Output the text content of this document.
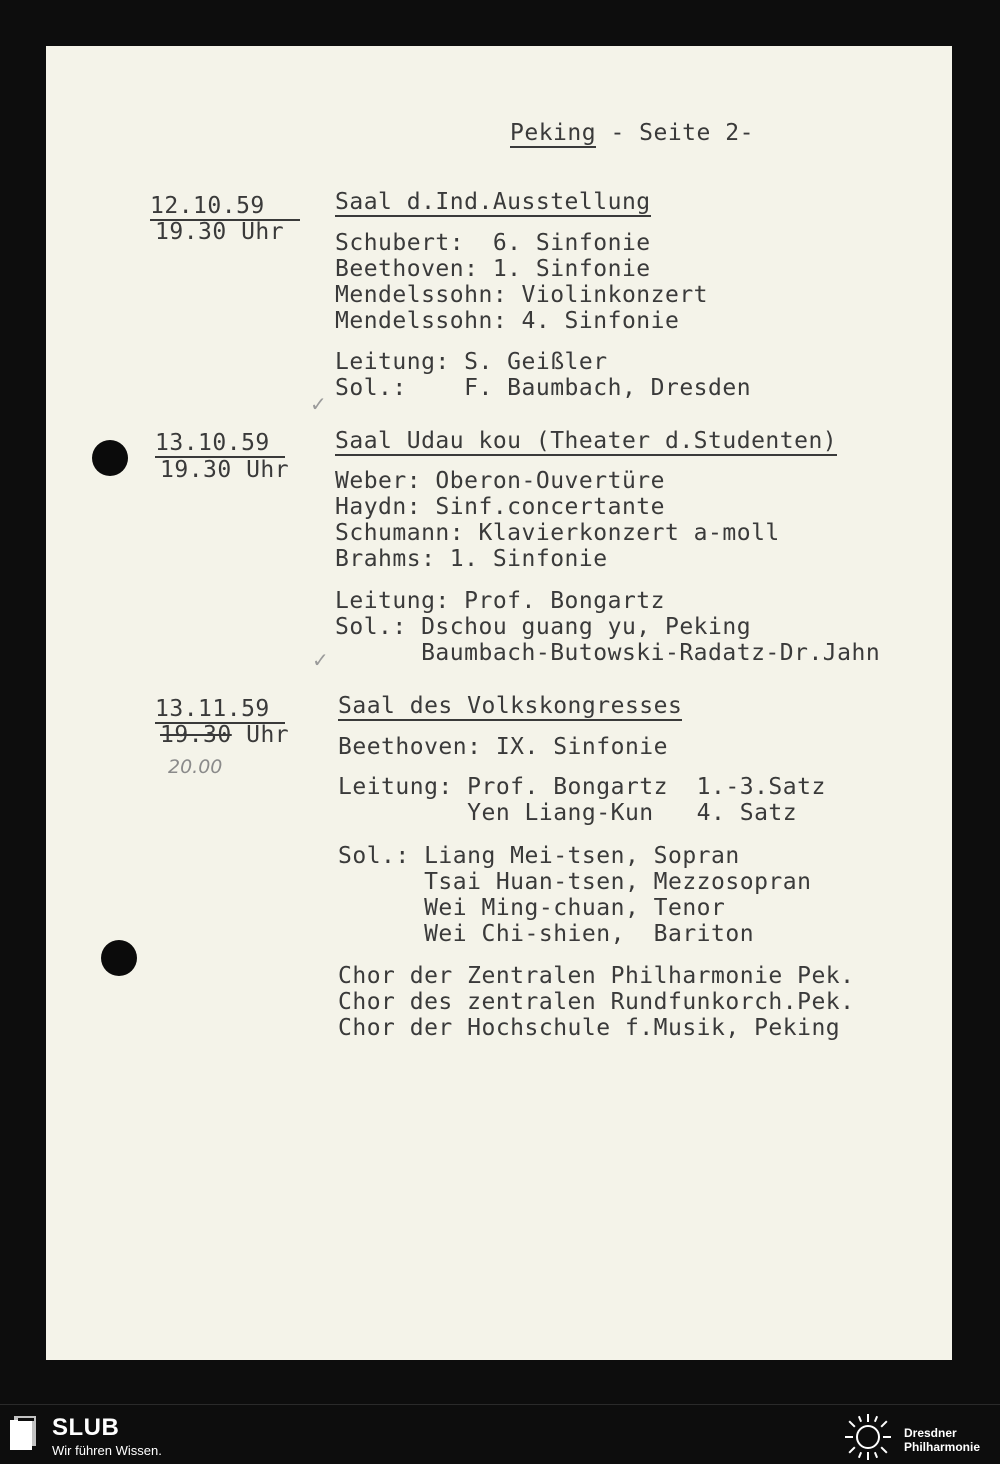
Peking - Seite 2-
12.10.59
19.30 Uhr
Saal d.Ind.Ausstellung
Schubert:  6. Sinfonie
Beethoven: 1. Sinfonie
Mendelssohn: Violinkonzert
Mendelssohn: 4. Sinfonie
Leitung: S. Geißler
Sol.:    F. Baumbach, Dresden
✓
13.10.59
19.30 Uhr
Saal Udau kou (Theater d.Studenten)
Weber: Oberon-Ouvertüre
Haydn: Sinf.concertante
Schumann: Klavierkonzert a-moll
Brahms: 1. Sinfonie
Leitung: Prof. Bongartz
Sol.: Dschou guang yu, Peking
Baumbach-Butowski-Radatz-Dr.Jahn
✓
13.11.59
19.30 Uhr
20.00
Saal des Volkskongresses
Beethoven: IX. Sinfonie
Leitung: Prof. Bongartz  1.-3.Satz
Yen Liang-Kun   4. Satz
Sol.: Liang Mei-tsen, Sopran
Tsai Huan-tsen, Mezzosopran
Wei Ming-chuan, Tenor
Wei Chi-shien,  Bariton
Chor der Zentralen Philharmonie Pek.
Chor des zentralen Rundfunkorch.Pek.
Chor der Hochschule f.Musik, Peking
SLUB
Wir führen Wissen.
Dresdner
Philharmonie
